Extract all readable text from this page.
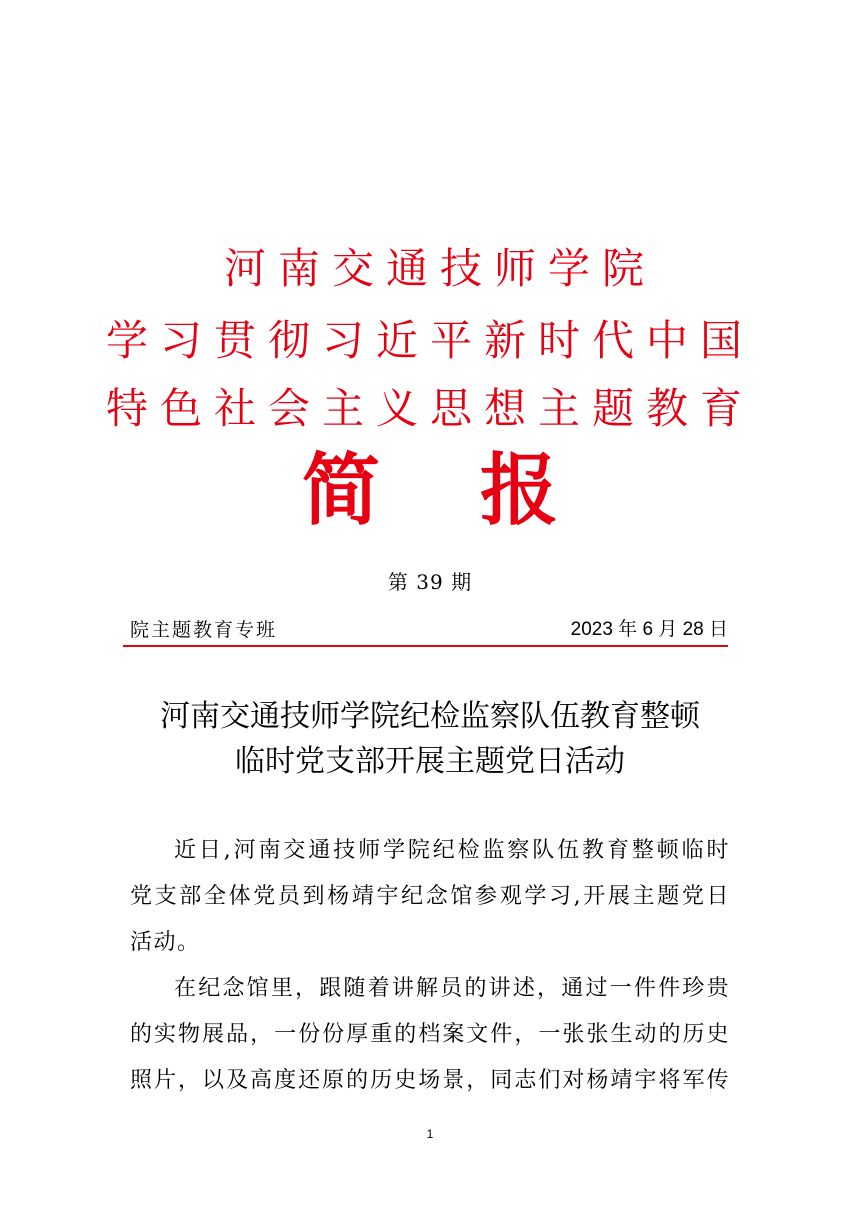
河南交通技师学院
学习贯彻习近平新时代中国
特色社会主义思想主题教育
简 报
第 39 期
院主题教育专班	2023 年 6 月 28 日
河南交通技师学院纪检监察队伍教育整顿
临时党支部开展主题党日活动
近日,河南交通技师学院纪检监察队伍教育整顿临时
党支部全体党员到杨靖宇纪念馆参观学习,开展主题党日
活动。
在纪念馆里，跟随着讲解员的讲述，通过一件件珍贵
的实物展品，一份份厚重的档案文件，一张张生动的历史
照片，以及高度还原的历史场景，同志们对杨靖宇将军传
1
